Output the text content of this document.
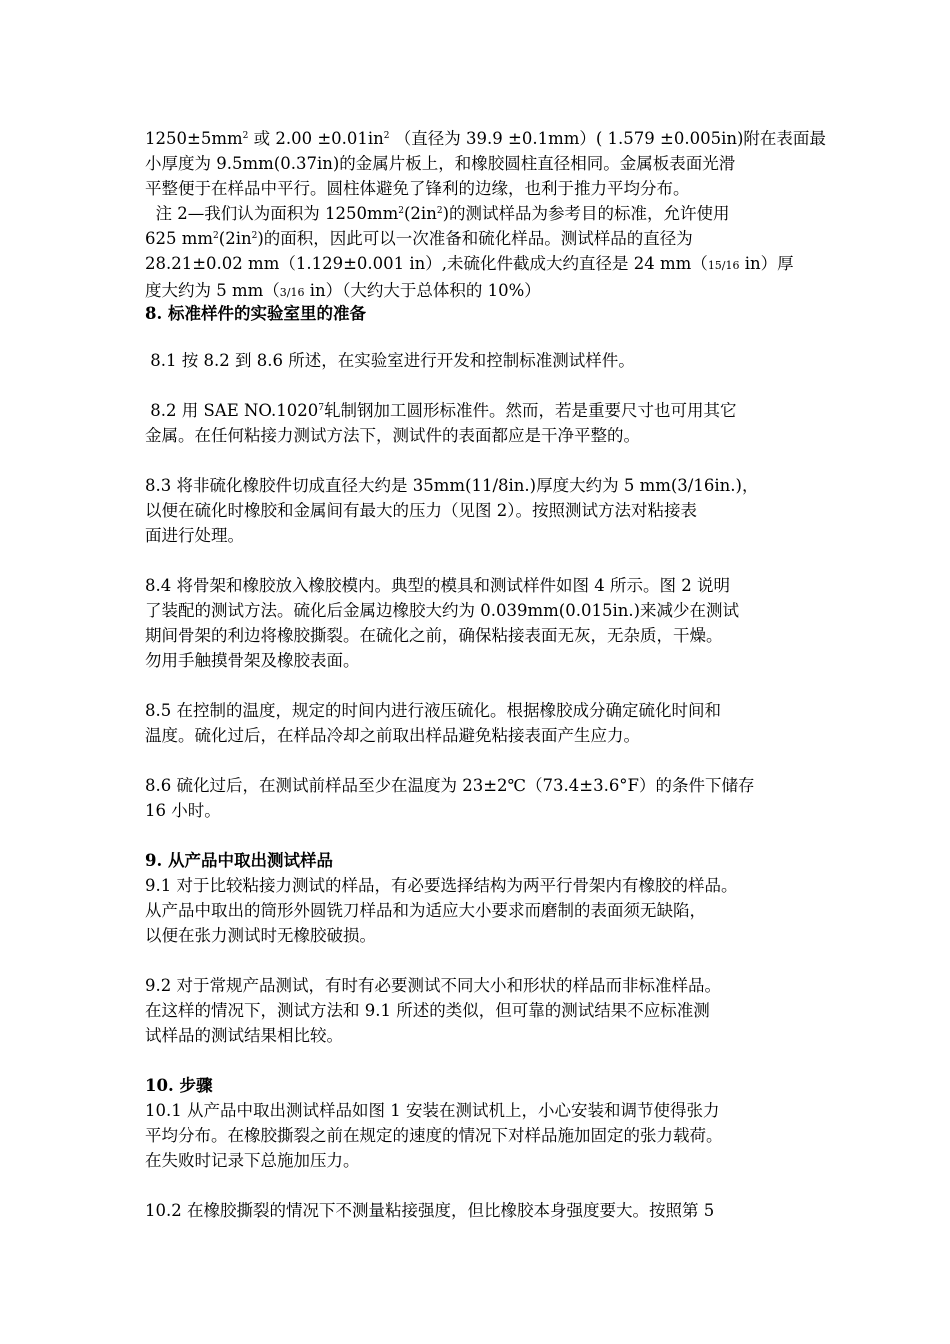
$1250\pm 5mm^2$ 或 $2.00 \pm 0.01in^2$ （直径为 39.9 ±0.1mm）( 1.579 ±0.005in)附在表面最
小厚度为 9.5mm(0.37in)的金属片板上，和橡胶圆柱直径相同。金属板表面光滑
平整便于在样品中平行。圆柱体避免了锋利的边缘，也利于推力平均分布。

注 2—我们认为面积为 $1250mm^2(2in^2)$的测试样品为参考目的标准，允许使用
625 $mm^2(2in^2)$的面积，因此可以一次准备和硫化样品。测试样品的直径为
28.21±0.02 mm（1.129±0.001 in）,未硫化件截成大约直径是 24 mm（15/16 in）厚
度大约为 5 mm（3/16 in）（大约大于总体积的 10%）

8. 标准样件的实验室里的准备

8.1 按 8.2 到 8.6 所述，在实验室进行开发和控制标准测试样件。

8.2 用 SAE NO.1020$^7$轧制钢加工圆形标准件。然而，若是重要尺寸也可用其它
金属。在任何粘接力测试方法下，测试件的表面都应是干净平整的。

8.3 将非硫化橡胶件切成直径大约是 35mm(11/8in.)厚度大约为 5 mm(3/16in.)，
以便在硫化时橡胶和金属间有最大的压力（见图 2）。按照测试方法对粘接表
面进行处理。

8.4 将骨架和橡胶放入橡胶模内。典型的模具和测试样件如图 4 所示。图 2 说明
了装配的测试方法。硫化后金属边橡胶大约为 0.039mm(0.015in.)来减少在测试
期间骨架的利边将橡胶撕裂。在硫化之前，确保粘接表面无灰，无杂质，干燥。
勿用手触摸骨架及橡胶表面。

8.5 在控制的温度，规定的时间内进行液压硫化。根据橡胶成分确定硫化时间和
温度。硫化过后，在样品冷却之前取出样品避免粘接表面产生应力。

8.6 硫化过后，在测试前样品至少在温度为 23±2℃（73.4±3.6°F）的条件下储存
16 小时。

9. 从产品中取出测试样品

9.1 对于比较粘接力测试的样品，有必要选择结构为两平行骨架内有橡胶的样品。
从产品中取出的筒形外圆铣刀样品和为适应大小要求而磨制的表面须无缺陷，
以便在张力测试时无橡胶破损。

9.2 对于常规产品测试，有时有必要测试不同大小和形状的样品而非标准样品。
在这样的情况下，测试方法和 9.1 所述的类似，但可靠的测试结果不应标准测
试样品的测试结果相比较。

10. 步骤

10.1 从产品中取出测试样品如图 1 安装在测试机上，小心安装和调节使得张力
平均分布。在橡胶撕裂之前在规定的速度的情况下对样品施加固定的张力载荷。
在失败时记录下总施加压力。

10.2 在橡胶撕裂的情况下不测量粘接强度，但比橡胶本身强度要大。按照第 5
